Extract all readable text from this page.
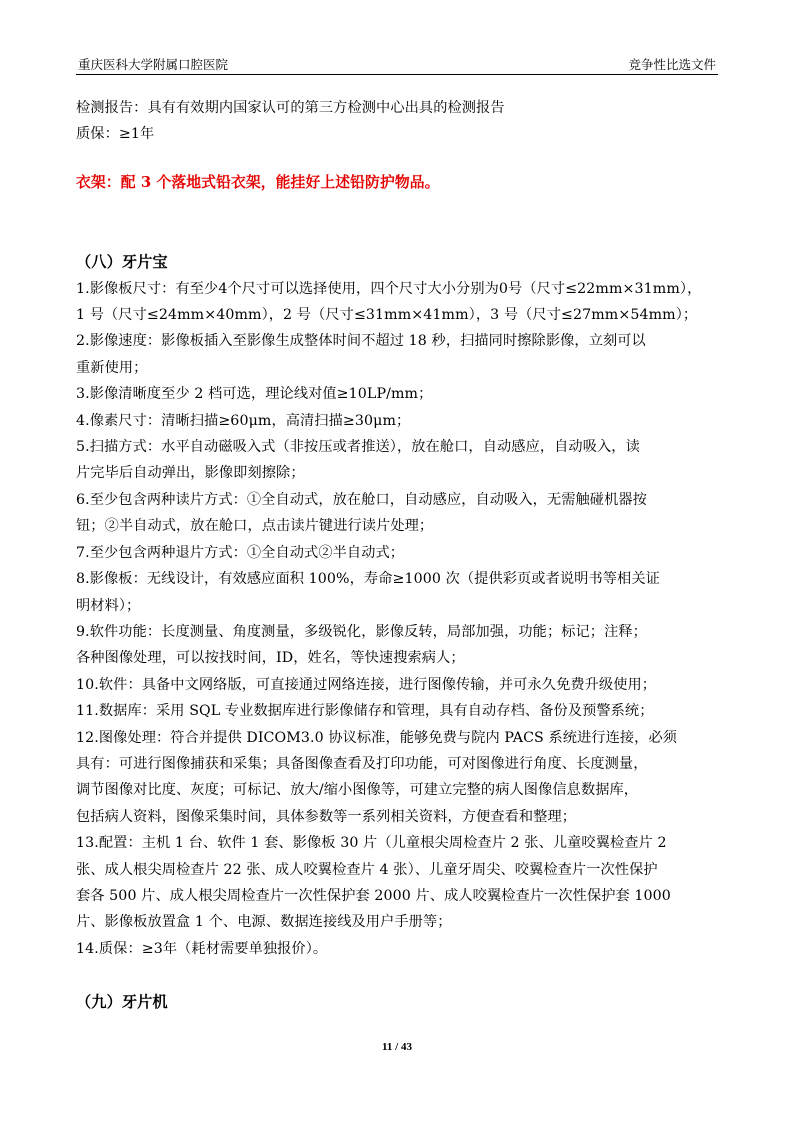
重庆医科大学附属口腔医院	竞争性比选文件

检测报告：具有有效期内国家认可的第三方检测中心出具的检测报告

质保：≥1年

衣架：配 3 个落地式铅衣架，能挂好上述铅防护物品。

（八）牙片宝

1.影像板尺寸：有至少4个尺寸可以选择使用，四个尺寸大小分别为0号（尺寸≤22mm×31mm），

1 号（尺寸≤24mm×40mm），2 号（尺寸≤31mm×41mm），3 号（尺寸≤27mm×54mm）；

2.影像速度：影像板插入至影像生成整体时间不超过 18 秒，扫描同时擦除影像，立刻可以

重新使用；

3.影像清晰度至少 2 档可选，理论线对值≥10LP/mm；

4.像素尺寸：清晰扫描≥60μm，高清扫描≥30μm；

5.扫描方式：水平自动磁吸入式（非按压或者推送），放在舱口，自动感应，自动吸入，读

片完毕后自动弹出，影像即刻擦除；

6.至少包含两种读片方式：①全自动式，放在舱口，自动感应，自动吸入，无需触碰机器按

钮；②半自动式，放在舱口，点击读片键进行读片处理；

7.至少包含两种退片方式：①全自动式②半自动式；

8.影像板：无线设计，有效感应面积 100%，寿命≥1000 次（提供彩页或者说明书等相关证

明材料）；

9.软件功能：长度测量、角度测量，多级锐化，影像反转，局部加强，功能；标记；注释；

各种图像处理，可以按找时间，ID，姓名，等快速搜索病人；

10.软件：具备中文网络版，可直接通过网络连接，进行图像传输，并可永久免费升级使用；

11.数据库：采用 SQL 专业数据库进行影像储存和管理，具有自动存档、备份及预警系统；

12.图像处理：符合并提供 DICOM3.0 协议标准，能够免费与院内 PACS 系统进行连接，必须

具有：可进行图像捕获和采集；具备图像查看及打印功能，可对图像进行角度、长度测量，

调节图像对比度、灰度；可标记、放大/缩小图像等，可建立完整的病人图像信息数据库，

包括病人资料，图像采集时间，具体参数等一系列相关资料，方便查看和整理；

13.配置：主机 1 台、软件 1 套、影像板 30 片（儿童根尖周检查片 2 张、儿童咬翼检查片 2

张、成人根尖周检查片 22 张、成人咬翼检查片 4 张）、儿童牙周尖、咬翼检查片一次性保护

套各 500 片、成人根尖周检查片一次性保护套 2000 片、成人咬翼检查片一次性保护套 1000

片、影像板放置盒 1 个、电源、数据连接线及用户手册等；

14.质保：≥3年（耗材需要单独报价）。

（九）牙片机

11 / 43
